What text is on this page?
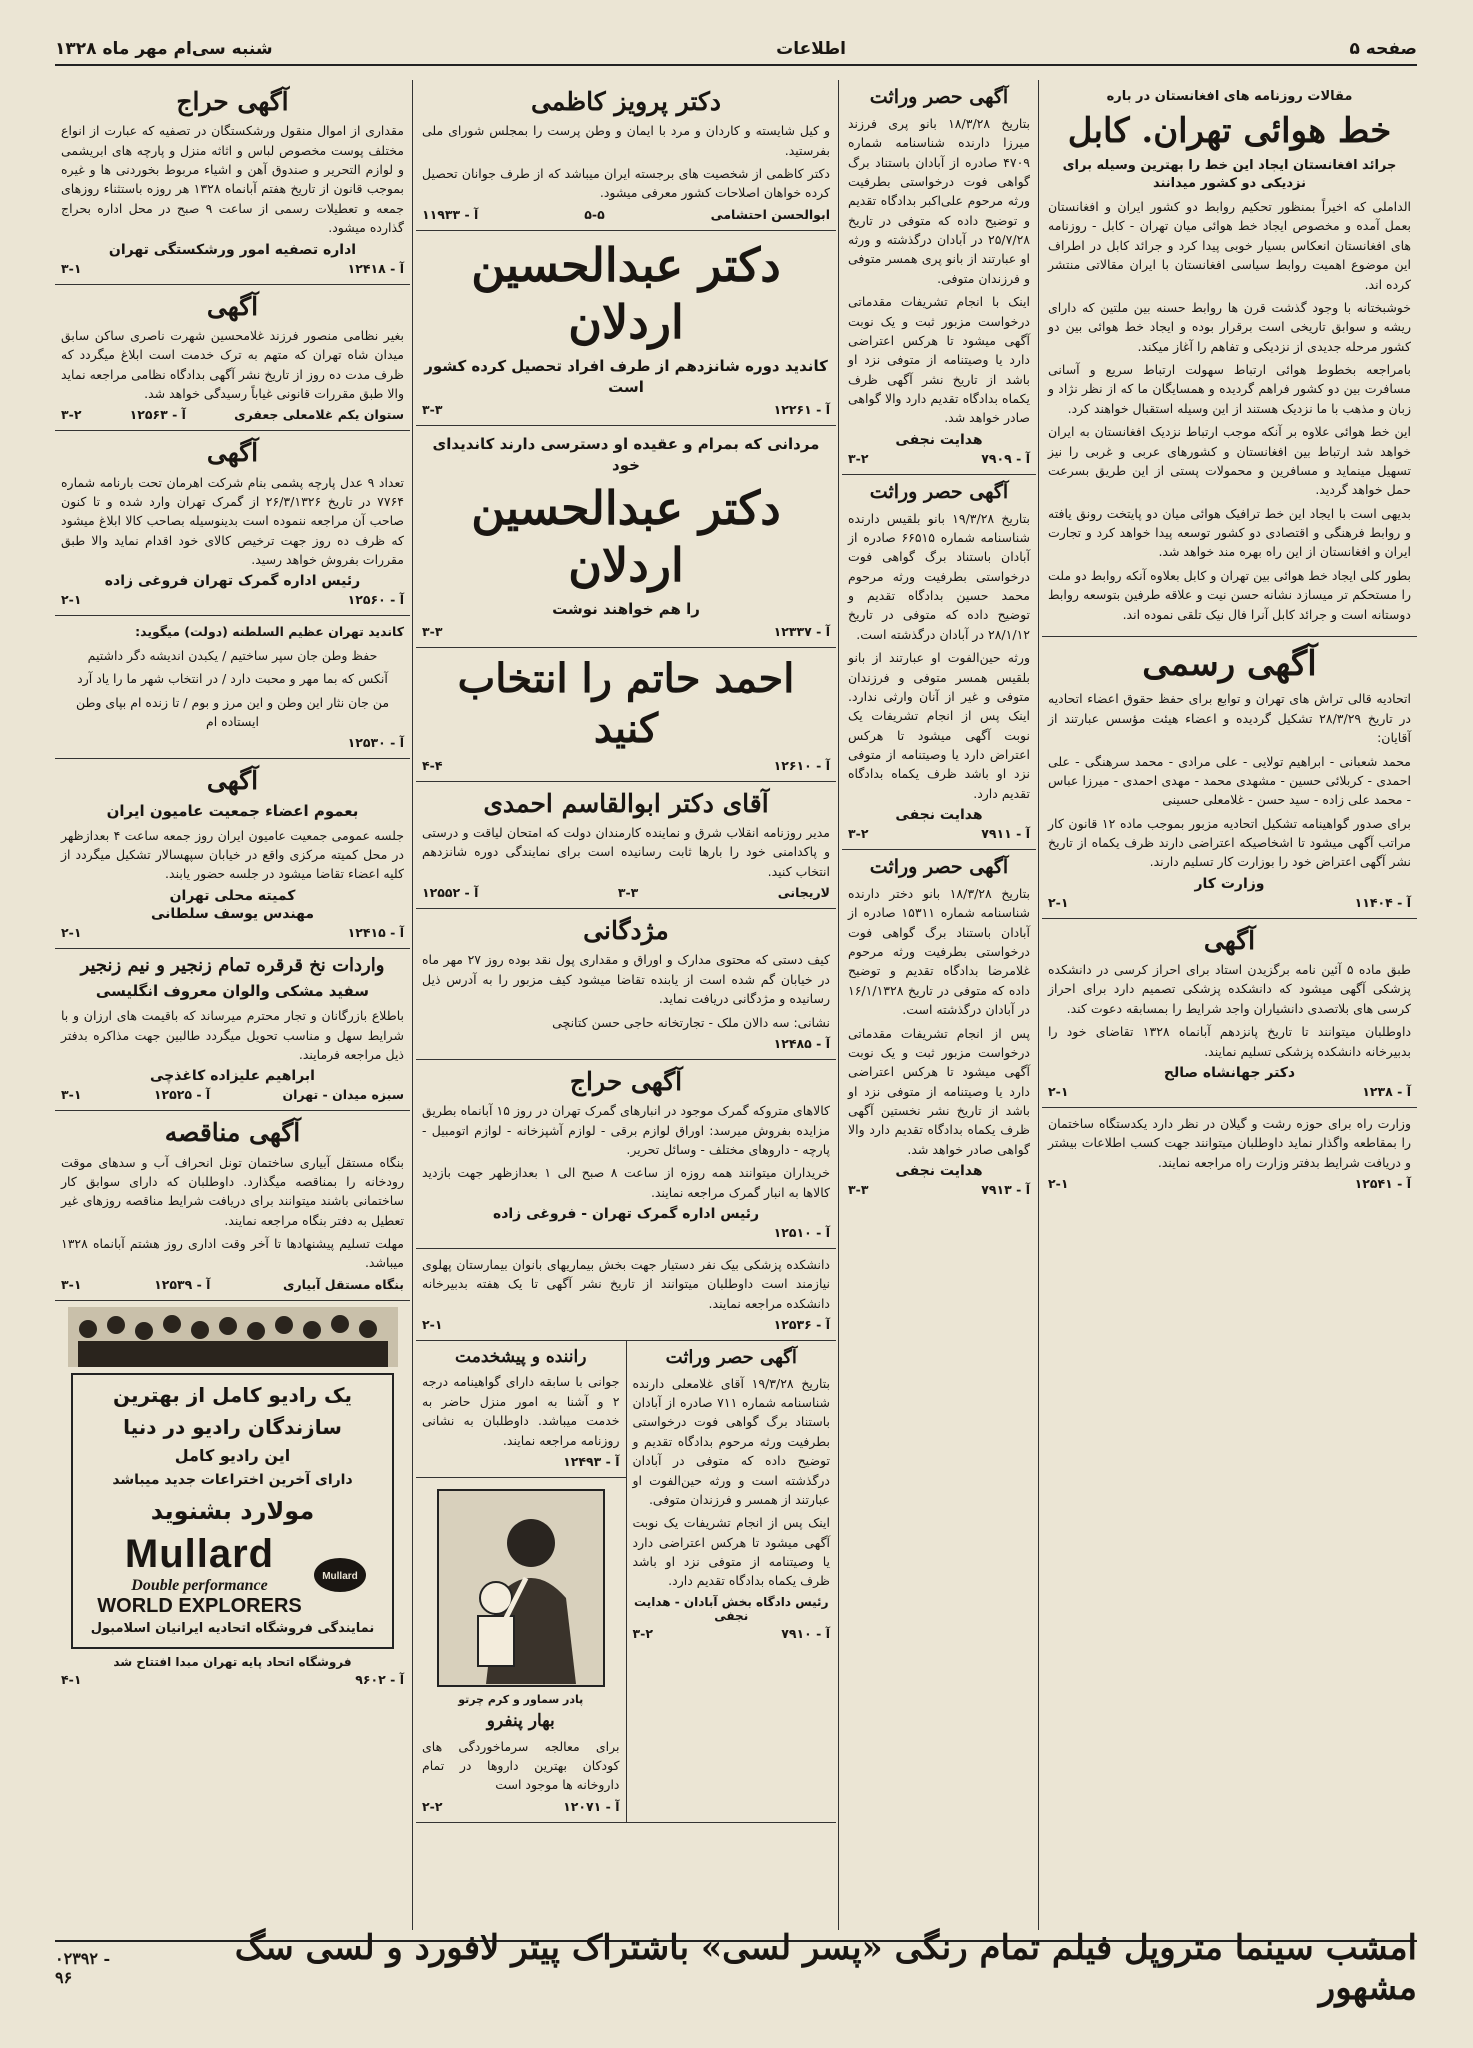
صفحه ۵
اطلاعات
شنبه سی‌ام مهر ماه ۱۳۲۸
مقالات روزنامه های افغانستان در باره
خط هوائی تهران. کابل
جرائد افغانستان ایجاد این خط را بهترین وسیله برای نزدیکی دو کشور میدانند

الداملی که اخیراً بمنظور تحکیم روابط دو کشور ایران و افغانستان بعمل آمده و مخصوص ایجاد خط هوائی میان تهران - کابل - روزنامه های افغانستان انعکاس بسیار خوبی پیدا کرد و جرائد کابل در اطراف این موضوع اهمیت روابط سیاسی افغانستان با ایران مقالاتی منتشر کرده اند.

خوشبختانه با وجود گذشت قرن ها روابط حسنه بین ملتین که دارای ریشه و سوابق تاریخی است برقرار بوده و ایجاد خط هوائی بین دو کشور مرحله جدیدی از نزدیکی و تفاهم را آغاز میکند.

بامراجعه بخطوط هوائی ارتباط سهولت ارتباط سریع و آسانی مسافرت بین دو کشور فراهم گردیده و همسایگان ما که از نظر نژاد و زبان و مذهب با ما نزدیک هستند از این وسیله استقبال خواهند کرد.

این خط هوائی علاوه بر آنکه موجب ارتباط نزدیک افغانستان به ایران خواهد شد ارتباط بین افغانستان و کشورهای عربی و غربی را نیز تسهیل مینماید و مسافرین و محمولات پستی از این طریق بسرعت حمل خواهد گردید.

بدیهی است با ایجاد این خط ترافیک هوائی میان دو پایتخت رونق یافته و روابط فرهنگی و اقتصادی دو کشور توسعه پیدا خواهد کرد و تجارت ایران و افغانستان از این راه بهره مند خواهد شد.

بطور کلی ایجاد خط هوائی بین تهران و کابل بعلاوه آنکه روابط دو ملت را مستحکم تر میسازد نشانه حسن نیت و علاقه طرفین بتوسعه روابط دوستانه است و جرائد کابل آنرا فال نیک تلقی نموده اند.

آگهی رسمی

اتحادیه قالی تراش های تهران و توابع برای حفظ حقوق اعضاء اتحادیه در تاریخ ۲۸/۳/۲۹ تشکیل گردیده و اعضاء هیئت مؤسس عبارتند از آقایان:

محمد شعبانی - ابراهیم تولایی - علی مرادی - محمد سرهنگی - علی احمدی - کربلائی حسین - مشهدی محمد - مهدی احمدی - میرزا عباس - محمد علی زاده - سید حسن - غلامعلی حسینی

برای صدور گواهینامه تشکیل اتحادیه مزبور بموجب ماده ۱۲ قانون کار مراتب آگهی میشود تا اشخاصیکه اعتراضی دارند ظرف یکماه از تاریخ نشر آگهی اعتراض خود را بوزارت کار تسلیم دارند.

وزارت کار
آ - ۱۱۴۰۴
۲-۱
آگهی

طبق ماده ۵ آئین نامه برگزیدن استاد برای احراز کرسی در دانشکده پزشکی آگهی میشود که دانشکده پزشکی تصمیم دارد برای احراز کرسی های بلاتصدی دانشیاران واجد شرایط را بمسابقه دعوت کند.

داوطلبان میتوانند تا تاریخ پانزدهم آبانماه ۱۳۲۸ تقاضای خود را بدبیرخانه دانشکده پزشکی تسلیم نمایند.

دکتر جهانشاه صالح
آ - ۱۲۳۸
۲-۱

وزارت راه برای حوزه رشت و گیلان در نظر دارد یکدستگاه ساختمان را بمقاطعه واگذار نماید داوطلبان میتوانند جهت کسب اطلاعات بیشتر و دریافت شرایط بدفتر وزارت راه مراجعه نمایند.

آ - ۱۲۵۴۱
۲-۱
آگهی حصر وراثت

بتاریخ ۱۸/۳/۲۸ بانو پری فرزند میرزا دارنده شناسنامه شماره ۴۷۰۹ صادره از آبادان باستناد برگ گواهی فوت درخواستی بطرفیت ورثه مرحوم علی‌اکبر بدادگاه تقدیم و توضیح داده که متوفی در تاریخ ۲۵/۷/۲۸ در آبادان درگذشته و ورثه او عبارتند از بانو پری همسر متوفی و فرزندان متوفی.

اینک با انجام تشریفات مقدماتی درخواست مزبور ثبت و یک نوبت آگهی میشود تا هرکس اعتراضی دارد یا وصیتنامه از متوفی نزد او باشد از تاریخ نشر آگهی ظرف یکماه بدادگاه تقدیم دارد والا گواهی صادر خواهد شد.

هدایت نجفی
آ - ۷۹۰۹
۳-۲
آگهی حصر وراثت

بتاریخ ۱۹/۳/۲۸ بانو بلقیس دارنده شناسنامه شماره ۶۶۵۱۵ صادره از آبادان باستناد برگ گواهی فوت درخواستی بطرفیت ورثه مرحوم محمد حسین بدادگاه تقدیم و توضیح داده که متوفی در تاریخ ۲۸/۱/۱۲ در آبادان درگذشته است.

ورثه حین‌الفوت او عبارتند از بانو بلقیس همسر متوفی و فرزندان متوفی و غیر از آنان وارثی ندارد. اینک پس از انجام تشریفات یک نوبت آگهی میشود تا هرکس اعتراض دارد یا وصیتنامه از متوفی نزد او باشد ظرف یکماه بدادگاه تقدیم دارد.

هدایت نجفی
آ - ۷۹۱۱
۳-۲
آگهی حصر وراثت

بتاریخ ۱۸/۳/۲۸ بانو دختر دارنده شناسنامه شماره ۱۵۳۱۱ صادره از آبادان باستناد برگ گواهی فوت درخواستی بطرفیت ورثه مرحوم غلامرضا بدادگاه تقدیم و توضیح داده که متوفی در تاریخ ۱۶/۱/۱۳۲۸ در آبادان درگذشته است.

پس از انجام تشریفات مقدماتی درخواست مزبور ثبت و یک نوبت آگهی میشود تا هرکس اعتراضی دارد یا وصیتنامه از متوفی نزد او باشد از تاریخ نشر نخستین آگهی ظرف یکماه بدادگاه تقدیم دارد والا گواهی صادر خواهد شد.

هدایت نجفی
آ - ۷۹۱۳
۳-۳
دکتر پرویز کاظمی

و کیل شایسته و کاردان و مرد با ایمان و وطن پرست را بمجلس شورای ملی بفرستید.

دکتر کاظمی از شخصیت های برجسته ایران میباشد که از طرف جوانان تحصیل کرده خواهان اصلاحات کشور معرفی میشود.

ابوالحسن احتشامی
۵-۵
آ - ۱۱۹۳۳
دکتر عبدالحسین اردلان
کاندید دوره شانزدهم از طرف افراد تحصیل کرده کشور است
آ - ۱۲۲۶۱
۳-۳
مردانی که بمرام و عقیده او دسترسی دارند کاندیدای خود
دکتر عبدالحسین اردلان
را هم خواهند نوشت
آ - ۱۲۳۳۷
۳-۳
احمد حاتم را انتخاب کنید
آ - ۱۲۶۱۰
۴-۴
آقای دکتر ابوالقاسم احمدی

مدیر روزنامه انقلاب شرق و نماینده کارمندان دولت که امتحان لیاقت و درستی و پاکدامنی خود را بارها ثابت رسانیده است برای نمایندگی دوره شانزدهم انتخاب کنید.

لاریجانی
۳-۳
آ - ۱۲۵۵۲
مژدگانی

کیف دستی که محتوی مدارک و اوراق و مقداری پول نقد بوده روز ۲۷ مهر ماه در خیابان گم شده است از یابنده تقاضا میشود کیف مزبور را به آدرس ذیل رسانیده و مژدگانی دریافت نماید.

نشانی: سه دالان ملک - تجارتخانه حاجی حسن کتانچی

آ - ۱۲۴۸۵
آگهی حراج

کالاهای متروکه گمرک موجود در انبارهای گمرک تهران در روز ۱۵ آبانماه بطریق مزایده بفروش میرسد: اوراق لوازم برقی - لوازم آشپزخانه - لوازم اتومبیل - پارچه - داروهای مختلف - وسائل تحریر.

خریداران میتوانند همه روزه از ساعت ۸ صبح الی ۱ بعدازظهر جهت بازدید کالاها به انبار گمرک مراجعه نمایند.

رئیس اداره گمرک تهران - فروغی زاده
آ - ۱۲۵۱۰

دانشکده پزشکی بیک نفر دستیار جهت بخش بیماریهای بانوان بیمارستان پهلوی نیازمند است داوطلبان میتوانند از تاریخ نشر آگهی تا یک هفته بدبیرخانه دانشکده مراجعه نمایند.

آ - ۱۲۵۳۶
۲-۱
آگهی حصر وراثت

بتاریخ ۱۹/۳/۲۸ آقای غلامعلی دارنده شناسنامه شماره ۷۱۱ صادره از آبادان باستناد برگ گواهی فوت درخواستی بطرفیت ورثه مرحوم بدادگاه تقدیم و توضیح داده که متوفی در آبادان درگذشته است و ورثه حین‌الفوت او عبارتند از همسر و فرزندان متوفی.

اینک پس از انجام تشریفات یک نوبت آگهی میشود تا هرکس اعتراضی دارد یا وصیتنامه از متوفی نزد او باشد ظرف یکماه بدادگاه تقدیم دارد.

رئیس دادگاه بخش آبادان - هدایت نجفی
آ - ۷۹۱۰
۳-۲
راننده و پیشخدمت

جوانی با سابقه دارای گواهینامه درجه ۲ و آشنا به امور منزل حاضر به خدمت میباشد. داوطلبان به نشانی روزنامه مراجعه نمایند.

آ - ۱۲۴۹۳
پادر سماور و کرم چرتو
بهار پنفرو

برای معالجه سرماخوردگی های کودکان بهترین داروها در تمام داروخانه ها موجود است

آ - ۱۲۰۷۱
۲-۲
آگهی حراج

مقداری از اموال منقول ورشکستگان در تصفیه که عبارت از انواع مختلف پوست مخصوص لباس و اثاثه منزل و پارچه های ابریشمی و لوازم التحریر و صندوق آهن و اشیاء مربوط بخوردنی ها و غیره بموجب قانون از تاریخ هفتم آبانماه ۱۳۲۸ هر روزه باستثناء روزهای جمعه و تعطیلات رسمی از ساعت ۹ صبح در محل اداره بحراج گذارده میشود.

اداره تصفیه امور ورشکستگی تهران
آ - ۱۲۴۱۸
۳-۱
آگهی

بغیر نظامی منصور فرزند غلامحسین شهرت ناصری ساکن سابق میدان شاه تهران که متهم به ترک خدمت است ابلاغ میگردد که ظرف مدت ده روز از تاریخ نشر آگهی بدادگاه نظامی مراجعه نماید والا طبق مقررات قانونی غیاباً رسیدگی خواهد شد.

ستوان یکم غلامعلی جعفری
آ - ۱۲۵۶۳
۳-۲
آگهی

تعداد ۹ عدل پارچه پشمی بنام شرکت اهرمان تحت بارنامه شماره ۷۷۶۴ در تاریخ ۲۶/۳/۱۳۲۶ از گمرک تهران وارد شده و تا کنون صاحب آن مراجعه ننموده است بدینوسیله بصاحب کالا ابلاغ میشود که ظرف ده روز جهت ترخیص کالای خود اقدام نماید والا طبق مقررات بفروش خواهد رسید.

رئیس اداره گمرک تهران فروغی زاده
آ - ۱۲۵۶۰
۲-۱

کاندید تهران عظیم السلطنه (دولت) میگوید:

حفظ وطن جان سپر ساختیم / یکبدن اندیشه دگر داشتیم

آنکس که بما مهر و محبت دارد / در انتخاب شهر ما را یاد آرد

من جان نثار این وطن و این مرز و بوم / تا زنده ام بپای وطن ایستاده ام

آ - ۱۲۵۳۰
آگهی
بعموم اعضاء جمعیت عامیون ایران

جلسه عمومی جمعیت عامیون ایران روز جمعه ساعت ۴ بعدازظهر در محل کمیته مرکزی واقع در خیابان سپهسالار تشکیل میگردد از کلیه اعضاء تقاضا میشود در جلسه حضور یابند.

کمیته محلی تهران
مهندس یوسف سلطانی
آ - ۱۲۴۱۵
۲-۱
واردات نخ قرقره تمام زنجیر و نیم زنجیر
سفید مشکی والوان معروف انگلیسی

باطلاع بازرگانان و تجار محترم میرساند که باقیمت های ارزان و با شرایط سهل و مناسب تحویل میگردد طالبین جهت مذاکره بدفتر ذیل مراجعه فرمایند.

ابراهیم علیزاده کاغذچی
سبزه میدان - تهران
آ - ۱۲۵۲۵
۳-۱
آگهی مناقصه

بنگاه مستقل آبیاری ساختمان تونل انحراف آب و سدهای موقت رودخانه را بمناقصه میگذارد. داوطلبان که دارای سوابق کار ساختمانی باشند میتوانند برای دریافت شرایط مناقصه روزهای غیر تعطیل به دفتر بنگاه مراجعه نمایند.

مهلت تسلیم پیشنهادها تا آخر وقت اداری روز هشتم آبانماه ۱۳۲۸ میباشد.

بنگاه مستقل آبیاری
آ - ۱۲۵۳۹
۳-۱
یک رادیو کامل از بهترین
سازندگان رادیو در دنیا
این رادیو کامل
دارای آخرین اختراعات جدید میباشد
مولارد بشنوید
Mullard
Mullard
Double performance
WORLD EXPLORERS
نمایندگی فروشگاه اتحادیه ایرانیان اسلامبول
فروشگاه اتحاد پایه تهران مبدا افتتاح شد
آ - ۹۶۰۲
۴-۱
امشب سینما متروپل فیلم تمام رنگی «پسر لسی» باشتراک پیتر لافورد و لسی سگ مشهور
۰۲۳۹۲ - ۹۶
